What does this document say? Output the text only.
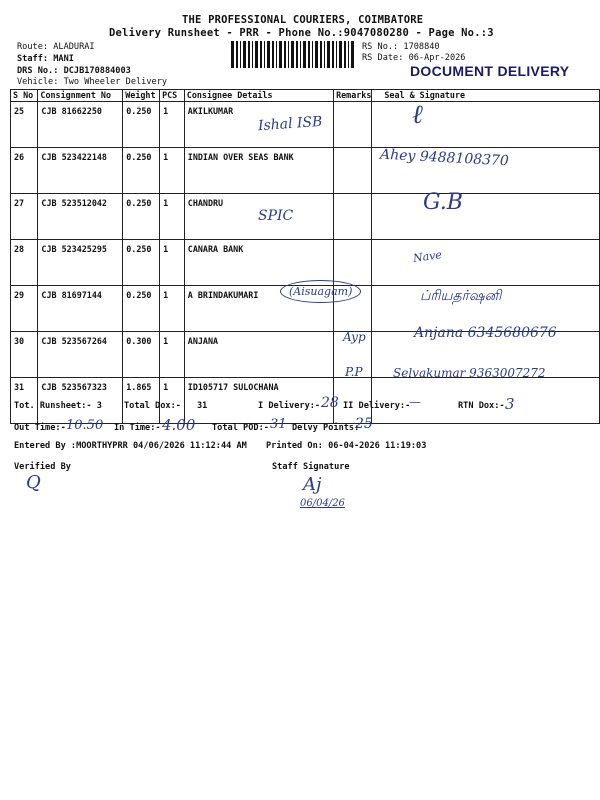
THE PROFESSIONAL COURIERS, COIMBATORE
Delivery Runsheet - PRR - Phone No.:9047080280 - Page No.:3
Route: ALADURAI
Staff: MANI
DRS No.: DCJB170884003
Vehicle: Two Wheeler Delivery
RS No.: 1708840
RS Date: 06-Apr-2026
DOCUMENT DELIVERY
S No	Consignment No	Weight	PCS	Consignee Details	Remarks	Seal & Signature
25	CJB 81662250	0.250	1	AKILKUMAR		
26	CJB 523422148	0.250	1	INDIAN OVER SEAS BANK		
27	CJB 523512042	0.250	1	CHANDRU		
28	CJB 523425295	0.250	1	CANARA BANK		
29	CJB 81697144	0.250	1	A BRINDAKUMARI		
30	CJB 523567264	0.300	1	ANJANA		
31	CJB 523567323	1.865	1	ID105717 SULOCHANA		
Ishal ISB	ℓ
Ahey 9488108370
SPIC
G.B
Nave
(Aisuagam)	ப்ரியதர்ஷனி
Ayp	Anjana 6345680676
P.P	Selvakumar 9363007272
Tot. Runsheet:- 3	Total Dox:- 31	I Delivery:- 28 II Delivery:-
—	RTN Dox:- 3
Out Time:- 10.50 In Time:- 4.00 Total POD:- 31 Delvy Points:
25
Entered By :MOORTHYPRR 04/06/2026 11:12:44 AM Printed On: 06-04-2026 11:19:03
Verified By
Q
Staff Signature
Aj
06/04/26
